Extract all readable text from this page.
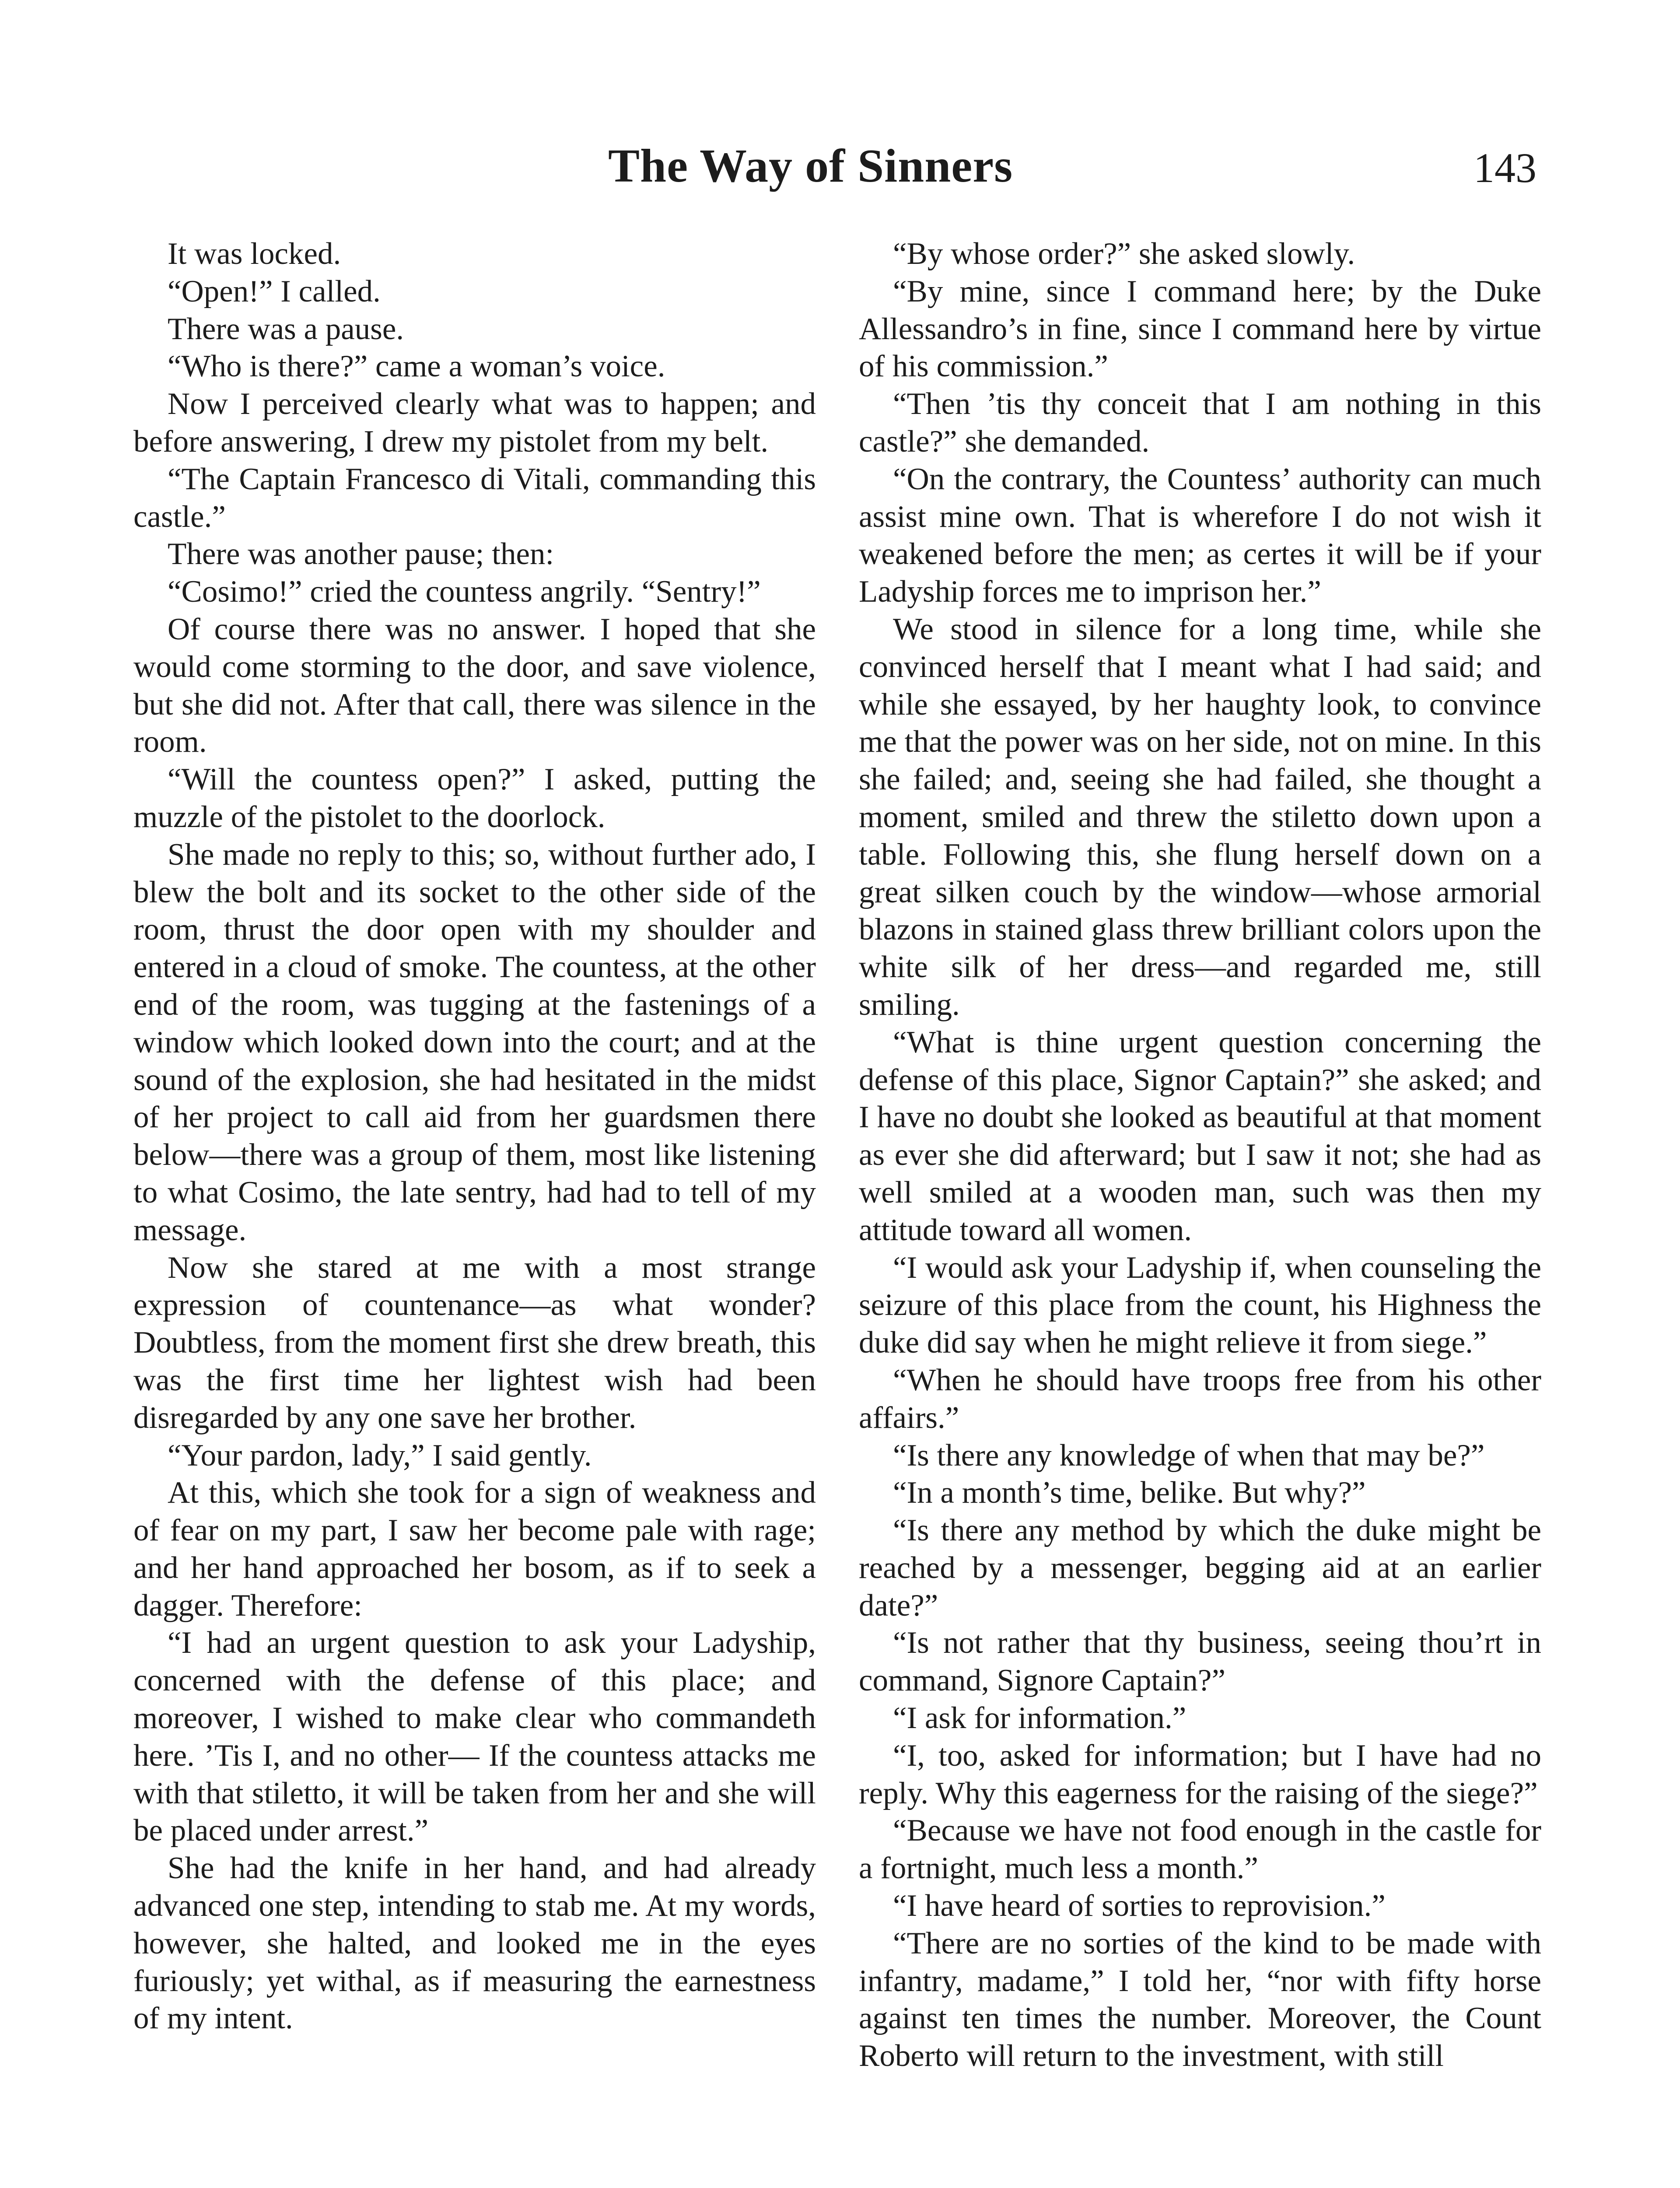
The Way of Sinners	143

It was locked.

“Open!” I called.

There was a pause.

“Who is there?” came a woman’s voice.

Now I perceived clearly what was to happen; and before answering, I drew my pistolet from my belt.

“The Captain Francesco di Vitali, commanding this castle.”

There was another pause; then:

“Cosimo!” cried the countess angrily. “Sentry!”

Of course there was no answer. I hoped that she would come storming to the door, and save violence, but she did not. After that call, there was silence in the room.

“Will the countess open?” I asked, putting the muzzle of the pistolet to the doorlock.

She made no reply to this; so, without further ado, I blew the bolt and its socket to the other side of the room, thrust the door open with my shoulder and entered in a cloud of smoke. The countess, at the other end of the room, was tugging at the fastenings of a window which looked down into the court; and at the sound of the explosion, she had hesitated in the midst of her project to call aid from her guardsmen there below—there was a group of them, most like listening to what Cosimo, the late sentry, had had to tell of my message.

Now she stared at me with a most strange expression of countenance—as what wonder? Doubtless, from the moment first she drew breath, this was the first time her lightest wish had been disregarded by any one save her brother.

“Your pardon, lady,” I said gently.

At this, which she took for a sign of weakness and of fear on my part, I saw her become pale with rage; and her hand approached her bosom, as if to seek a dagger. Therefore:

“I had an urgent question to ask your Ladyship, concerned with the defense of this place; and moreover, I wished to make clear who commandeth here. ’Tis I, and no other— If the countess attacks me with that stiletto, it will be taken from her and she will be placed under arrest.”

She had the knife in her hand, and had already advanced one step, intending to stab me. At my words, however, she halted, and looked me in the eyes furiously; yet withal, as if measuring the earnestness of my intent.

“By whose order?” she asked slowly.

“By mine, since I command here; by the Duke Allessandro’s in fine, since I command here by virtue of his commission.”

“Then ’tis thy conceit that I am nothing in this castle?” she demanded.

“On the contrary, the Countess’ authority can much assist mine own. That is wherefore I do not wish it weakened before the men; as certes it will be if your Ladyship forces me to imprison her.”

We stood in silence for a long time, while she convinced herself that I meant what I had said; and while she essayed, by her haughty look, to convince me that the power was on her side, not on mine. In this she failed; and, seeing she had failed, she thought a moment, smiled and threw the stiletto down upon a table. Following this, she flung herself down on a great silken couch by the window—whose armorial blazons in stained glass threw brilliant colors upon the white silk of her dress—and regarded me, still smiling.

“What is thine urgent question concerning the defense of this place, Signor Captain?” she asked; and I have no doubt she looked as beautiful at that moment as ever she did afterward; but I saw it not; she had as well smiled at a wooden man, such was then my attitude toward all women.

“I would ask your Ladyship if, when counseling the seizure of this place from the count, his Highness the duke did say when he might relieve it from siege.”

“When he should have troops free from his other affairs.”

“Is there any knowledge of when that may be?”

“In a month’s time, belike. But why?”

“Is there any method by which the duke might be reached by a messenger, begging aid at an earlier date?”

“Is not rather that thy business, seeing thou’rt in command, Signore Captain?”

“I ask for information.”

“I, too, asked for information; but I have had no reply. Why this eagerness for the raising of the siege?”

“Because we have not food enough in the castle for a fortnight, much less a month.”

“I have heard of sorties to reprovision.”

“There are no sorties of the kind to be made with infantry, madame,” I told her, “nor with fifty horse against ten times the number. Moreover, the Count Roberto will return to the investment, with still
